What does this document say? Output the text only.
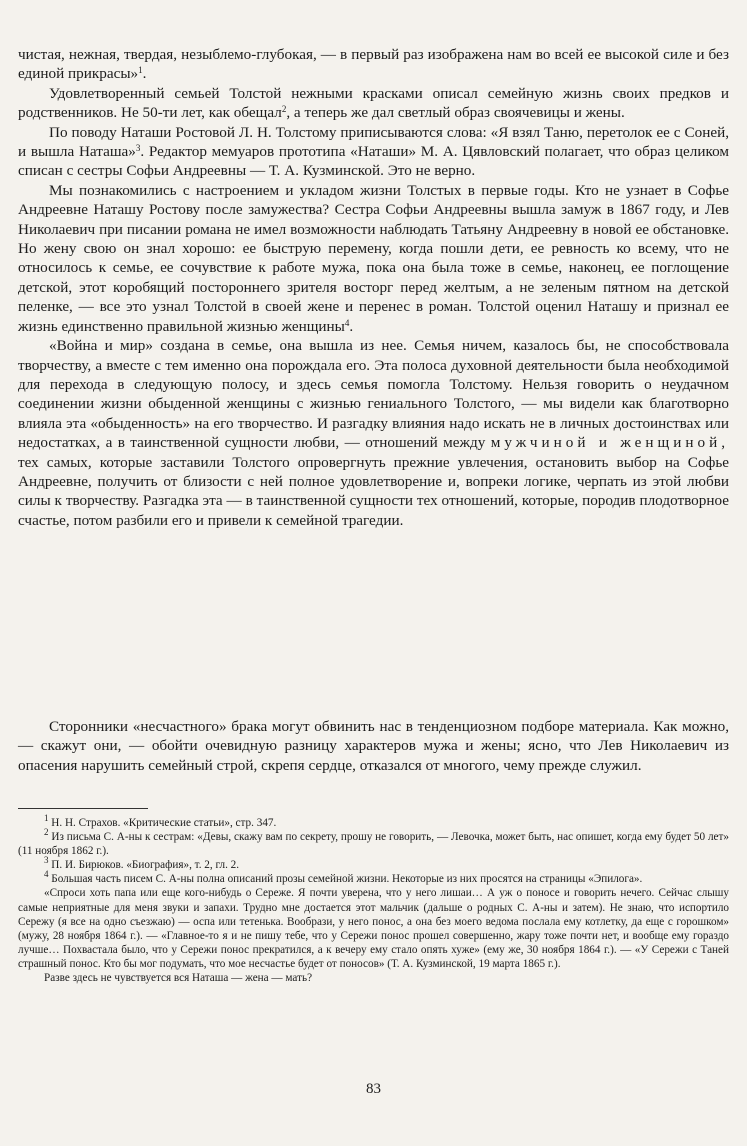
чистая, нежная, твердая, незыблемо-глубокая, — в первый раз изображена нам во всей ее высокой силе и без единой прикрасы»$^1$.

Удовлетворенный семьей Толстой нежными красками описал семейную жизнь своих предков и родственников. Не 50-ти лет, как обещал$^2$, а теперь же дал светлый образ своячевицы и жены.

По поводу Наташи Ростовой Л. Н. Толстому приписываются слова: «Я взял Таню, перетолок ее с Соней, и вышла Наташа»$^3$. Редактор мемуаров прототипа «Наташи» М. А. Цявловский полагает, что образ целиком списан с сестры Софьи Андреевны — Т. А. Кузминской. Это не верно.

Мы познакомились с настроением и укладом жизни Толстых в первые годы. Кто не узнает в Софье Андреевне Наташу Ростову после замужества? Сестра Софьи Андреевны вышла замуж в 1867 году, и Лев Николаевич при писании романа не имел возможности наблюдать Татьяну Андреевну в новой ее обстановке. Но жену свою он знал хорошо: ее быструю перемену, когда пошли дети, ее ревность ко всему, что не относилось к семье, ее сочувствие к работе мужа, пока она была тоже в семье, наконец, ее поглощение детской, этот коробящий постороннего зрителя восторг перед желтым, а не зеленым пятном на детской пеленке, — все это узнал Толстой в своей жене и перенес в роман. Толстой оценил Наташу и признал ее жизнь единственно правильной жизнью женщины$^4$.

«Война и мир» создана в семье, она вышла из нее. Семья ничем, казалось бы, не способствовала творчеству, а вместе с тем именно она порождала его. Эта полоса духовной деятельности была необходимой для перехода в следующую полосу, и здесь семья помогла Толстому. Нельзя говорить о неудачном соединении жизни обыденной женщины с жизнью гениального Толстого, — мы видели как благотворно влияла эта «обыденность» на его творчество. И разгадку влияния надо искать не в личных достоинствах или недостатках, а в таинственной сущности любви, — отношений между мужчиной и женщиной, тех самых, которые заставили Толстого опровергнуть прежние увлечения, остановить выбор на Софье Андреевне, получить от близости с ней полное удовлетворение и, вопреки логике, черпать из этой любви силы к творчеству. Разгадка эта — в таинственной сущности тех отношений, которые, породив плодотворное счастье, потом разбили его и привели к семейной трагедии.

Сторонники «несчастного» брака могут обвинить нас в тенденциозном подборе материала. Как можно, — скажут они, — обойти очевидную разницу характеров мужа и жены; ясно, что Лев Николаевич из опасения нарушить семейный строй, скрепя сердце, отказался от многого, чему прежде служил.

$^1$ Н. Н. Страхов. «Критические статьи», стр. 347.

$^2$ Из письма С. А-ны к сестрам: «Девы, скажу вам по секрету, прошу не говорить, — Левочка, может быть, нас опишет, когда ему будет 50 лет» (11 ноября 1862 г.).

$^3$ П. И. Бирюков. «Биография», т. 2, гл. 2.

$^4$ Большая часть писем С. А-ны полна описаний прозы семейной жизни. Некоторые из них просятся на страницы «Эпилога».

«Спроси хоть папа или еще кого-нибудь о Сереже. Я почти уверена, что у него лишаи… А уж о поносе и говорить нечего. Сейчас слышу самые неприятные для меня звуки и запахи. Трудно мне достается этот мальчик (дальше о родных С. А-ны и затем). Не знаю, что испортило Сережу (я все на одно съезжаю) — оспа или тетенька. Вообрази, у него понос, а она без моего ведома послала ему котлетку, да еще с горошком» (мужу, 28 ноября 1864 г.). — «Главное-то я и не пишу тебе, что у Сережи понос прошел совершенно, жару тоже почти нет, и вообще ему гораздо лучше… Похвастала было, что у Сережи понос прекратился, а к вечеру ему стало опять хуже» (ему же, 30 ноября 1864 г.). — «У Сережи с Таней страшный понос. Кто бы мог подумать, что мое несчастье будет от поносов» (Т. А. Кузминской, 19 марта 1865 г.).

Разве здесь не чувствуется вся Наташа — жена — мать?

83
